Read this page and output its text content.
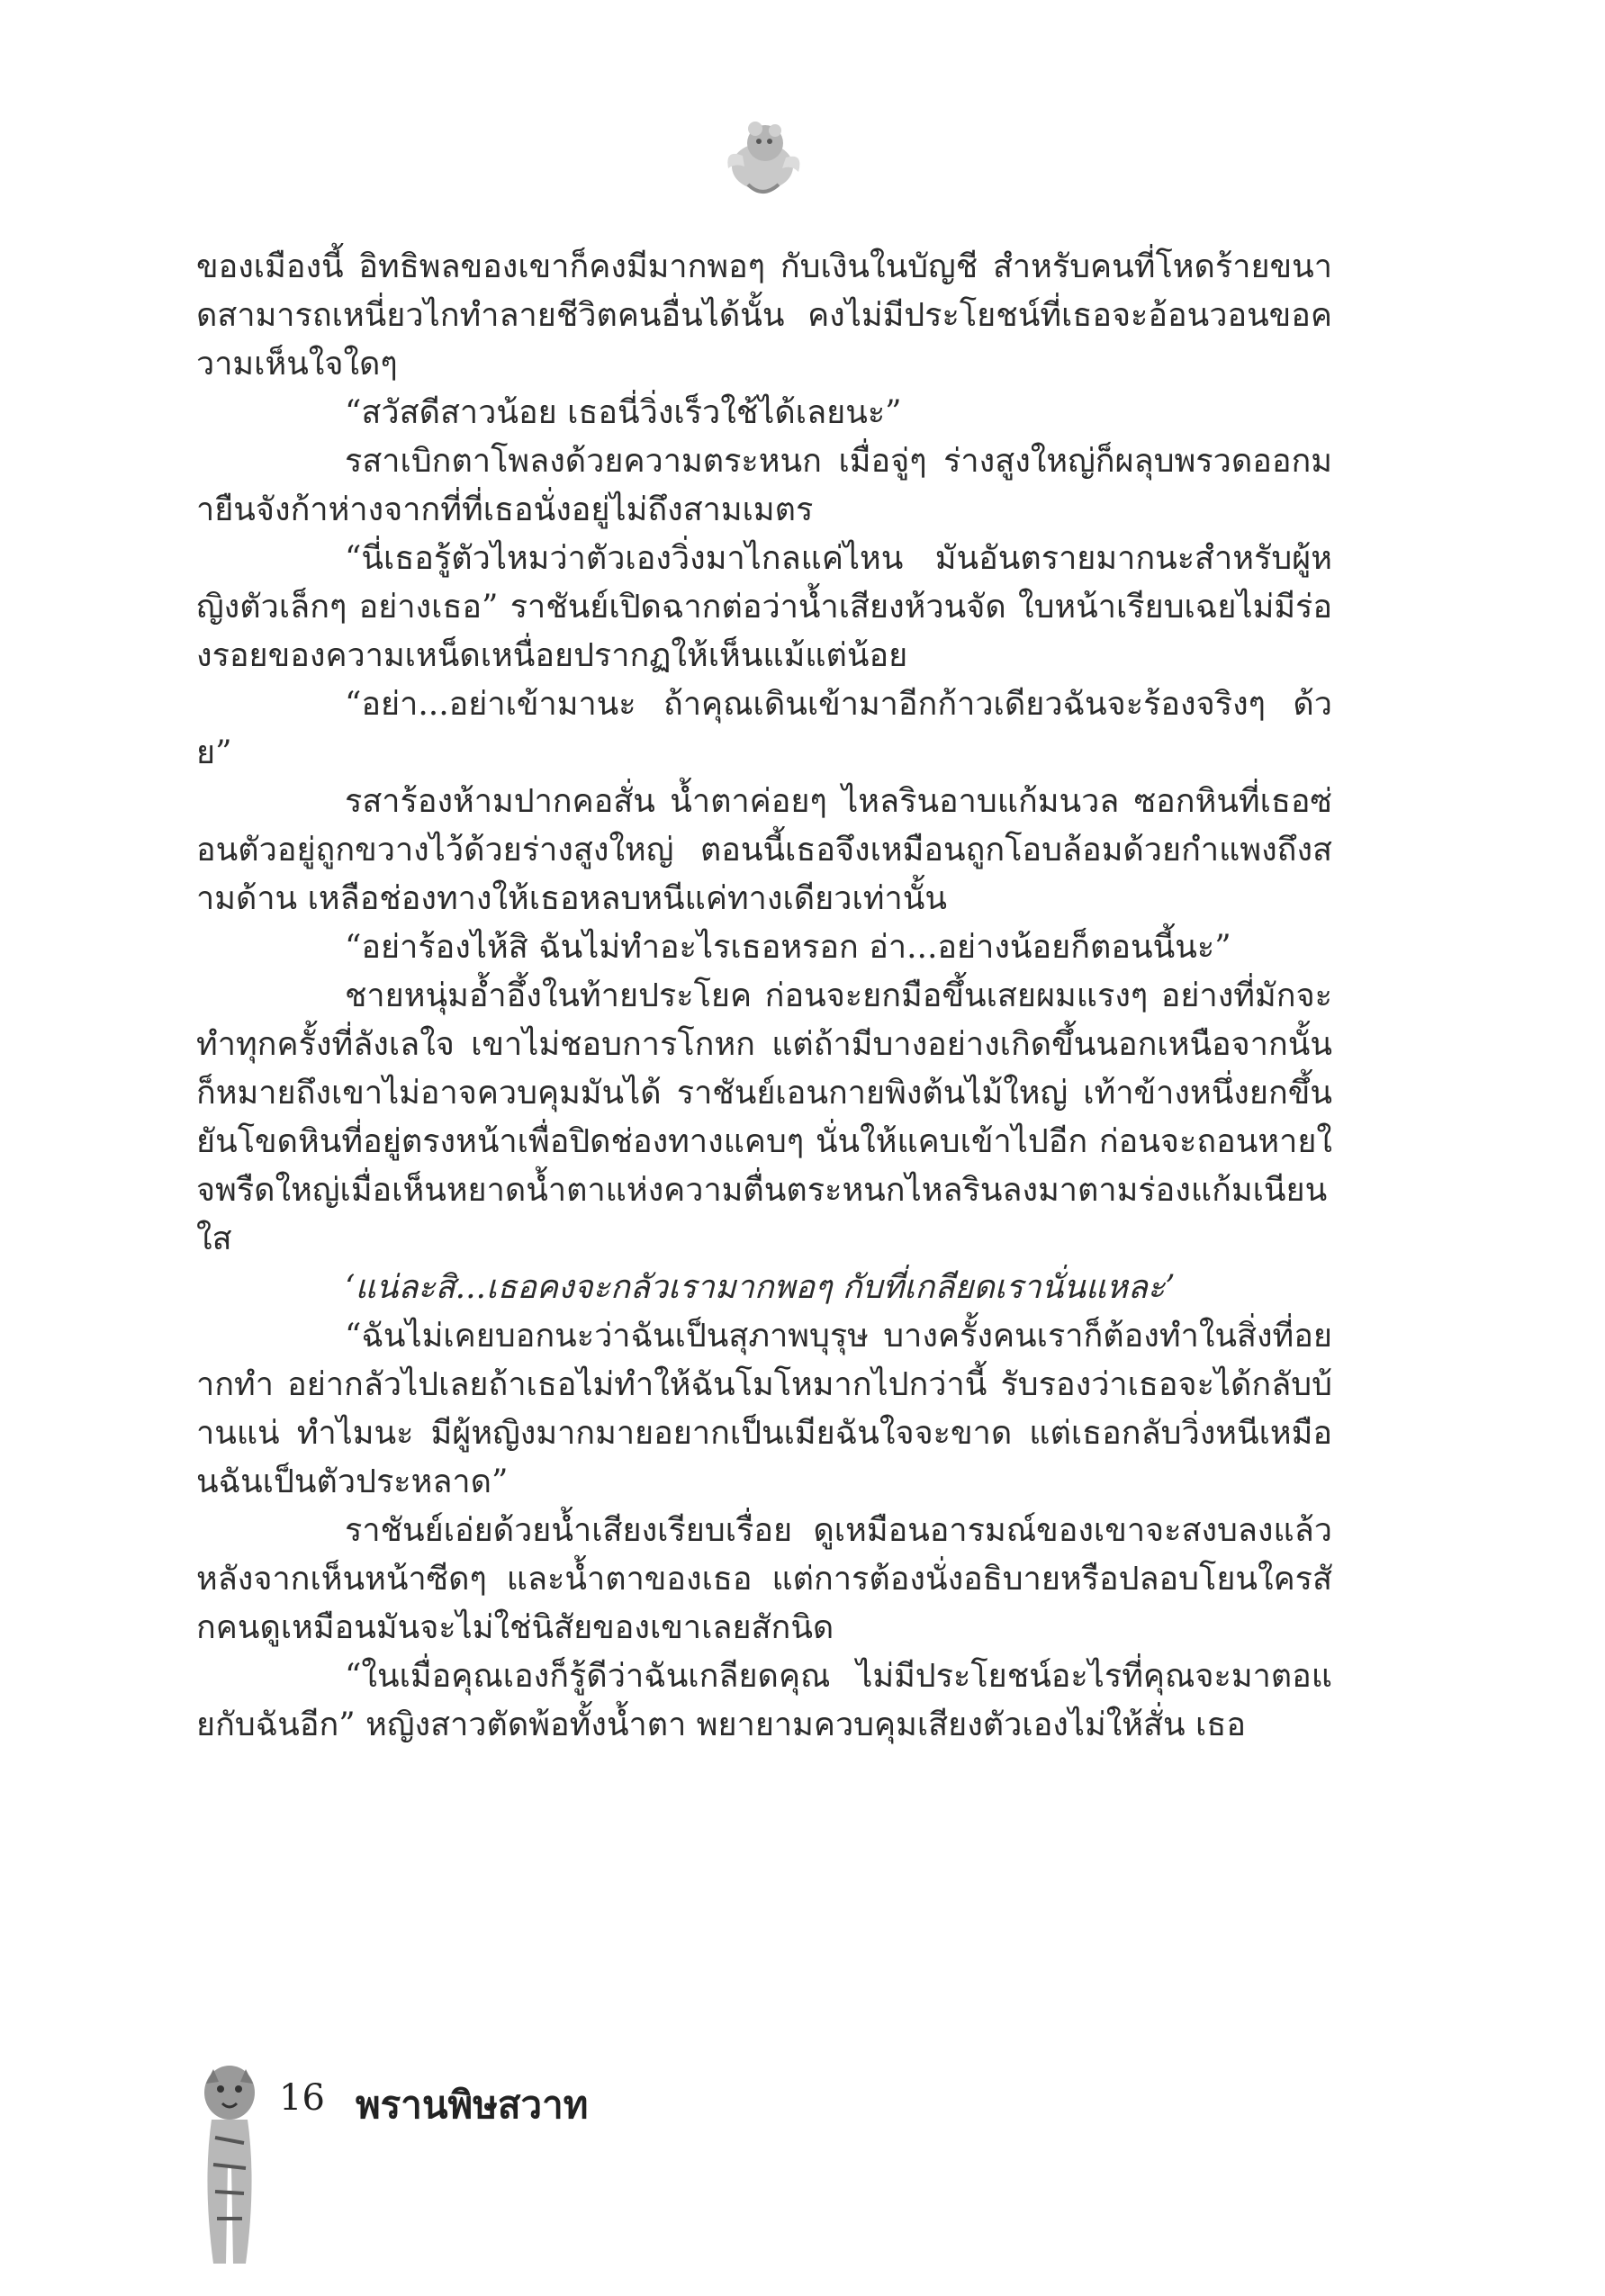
ของเมืองนี้ อิทธิพลของเขาก็คงมีมากพอๆ กับเงินในบัญชี สำหรับคนที่โหดร้ายขนาดสามารถเหนี่ยวไกทำลายชีวิตคนอื่นได้นั้น คงไม่มีประโยชน์ที่เธอจะอ้อนวอนขอความเห็นใจใดๆ

“สวัสดีสาวน้อย เธอนี่วิ่งเร็วใช้ได้เลยนะ”

รสาเบิกตาโพลงด้วยความตระหนก เมื่อจู่ๆ ร่างสูงใหญ่ก็ผลุบพรวดออกมายืนจังก้าห่างจากที่ที่เธอนั่งอยู่ไม่ถึงสามเมตร

“นี่เธอรู้ตัวไหมว่าตัวเองวิ่งมาไกลแค่ไหน มันอันตรายมากนะสำหรับผู้หญิงตัวเล็กๆ อย่างเธอ” ราชันย์เปิดฉากต่อว่าน้ำเสียงห้วนจัด ใบหน้าเรียบเฉยไม่มีร่องรอยของความเหน็ดเหนื่อยปรากฏให้เห็นแม้แต่น้อย

“อย่า...อย่าเข้ามานะ ถ้าคุณเดินเข้ามาอีกก้าวเดียวฉันจะร้องจริงๆ ด้วย”

รสาร้องห้ามปากคอสั่น น้ำตาค่อยๆ ไหลรินอาบแก้มนวล ซอกหินที่เธอซ่อนตัวอยู่ถูกขวางไว้ด้วยร่างสูงใหญ่ ตอนนี้เธอจึงเหมือนถูกโอบล้อมด้วยกำแพงถึงสามด้าน เหลือช่องทางให้เธอหลบหนีแค่ทางเดียวเท่านั้น

“อย่าร้องไห้สิ ฉันไม่ทำอะไรเธอหรอก อ่า...อย่างน้อยก็ตอนนี้นะ”

ชายหนุ่มอ้ำอึ้งในท้ายประโยค ก่อนจะยกมือขึ้นเสยผมแรงๆ อย่างที่มักจะทำทุกครั้งที่ลังเลใจ เขาไม่ชอบการโกหก แต่ถ้ามีบางอย่างเกิดขึ้นนอกเหนือจากนั้นก็หมายถึงเขาไม่อาจควบคุมมันได้ ราชันย์เอนกายพิงต้นไม้ใหญ่ เท้าข้างหนึ่งยกขึ้นยันโขดหินที่อยู่ตรงหน้าเพื่อปิดช่องทางแคบๆ นั่นให้แคบเข้าไปอีก ก่อนจะถอนหายใจพรืดใหญ่เมื่อเห็นหยาดน้ำตาแห่งความตื่นตระหนกไหลรินลงมาตามร่องแก้มเนียนใส

‘แน่ละสิ...เธอคงจะกลัวเรามากพอๆ กับที่เกลียดเรานั่นแหละ’

“ฉันไม่เคยบอกนะว่าฉันเป็นสุภาพบุรุษ บางครั้งคนเราก็ต้องทำในสิ่งที่อยากทำ อย่ากลัวไปเลยถ้าเธอไม่ทำให้ฉันโมโหมากไปกว่านี้ รับรองว่าเธอจะได้กลับบ้านแน่ ทำไมนะ มีผู้หญิงมากมายอยากเป็นเมียฉันใจจะขาด แต่เธอกลับวิ่งหนีเหมือนฉันเป็นตัวประหลาด”

ราชันย์เอ่ยด้วยน้ำเสียงเรียบเรื่อย ดูเหมือนอารมณ์ของเขาจะสงบลงแล้วหลังจากเห็นหน้าซีดๆ และน้ำตาของเธอ แต่การต้องนั่งอธิบายหรือปลอบโยนใครสักคนดูเหมือนมันจะไม่ใช่นิสัยของเขาเลยสักนิด

“ในเมื่อคุณเองก็รู้ดีว่าฉันเกลียดคุณ ไม่มีประโยชน์อะไรที่คุณจะมาตอแยกับฉันอีก” หญิงสาวตัดพ้อทั้งน้ำตา พยายามควบคุมเสียงตัวเองไม่ให้สั่น เธอ

16 พรานพิษสวาท
